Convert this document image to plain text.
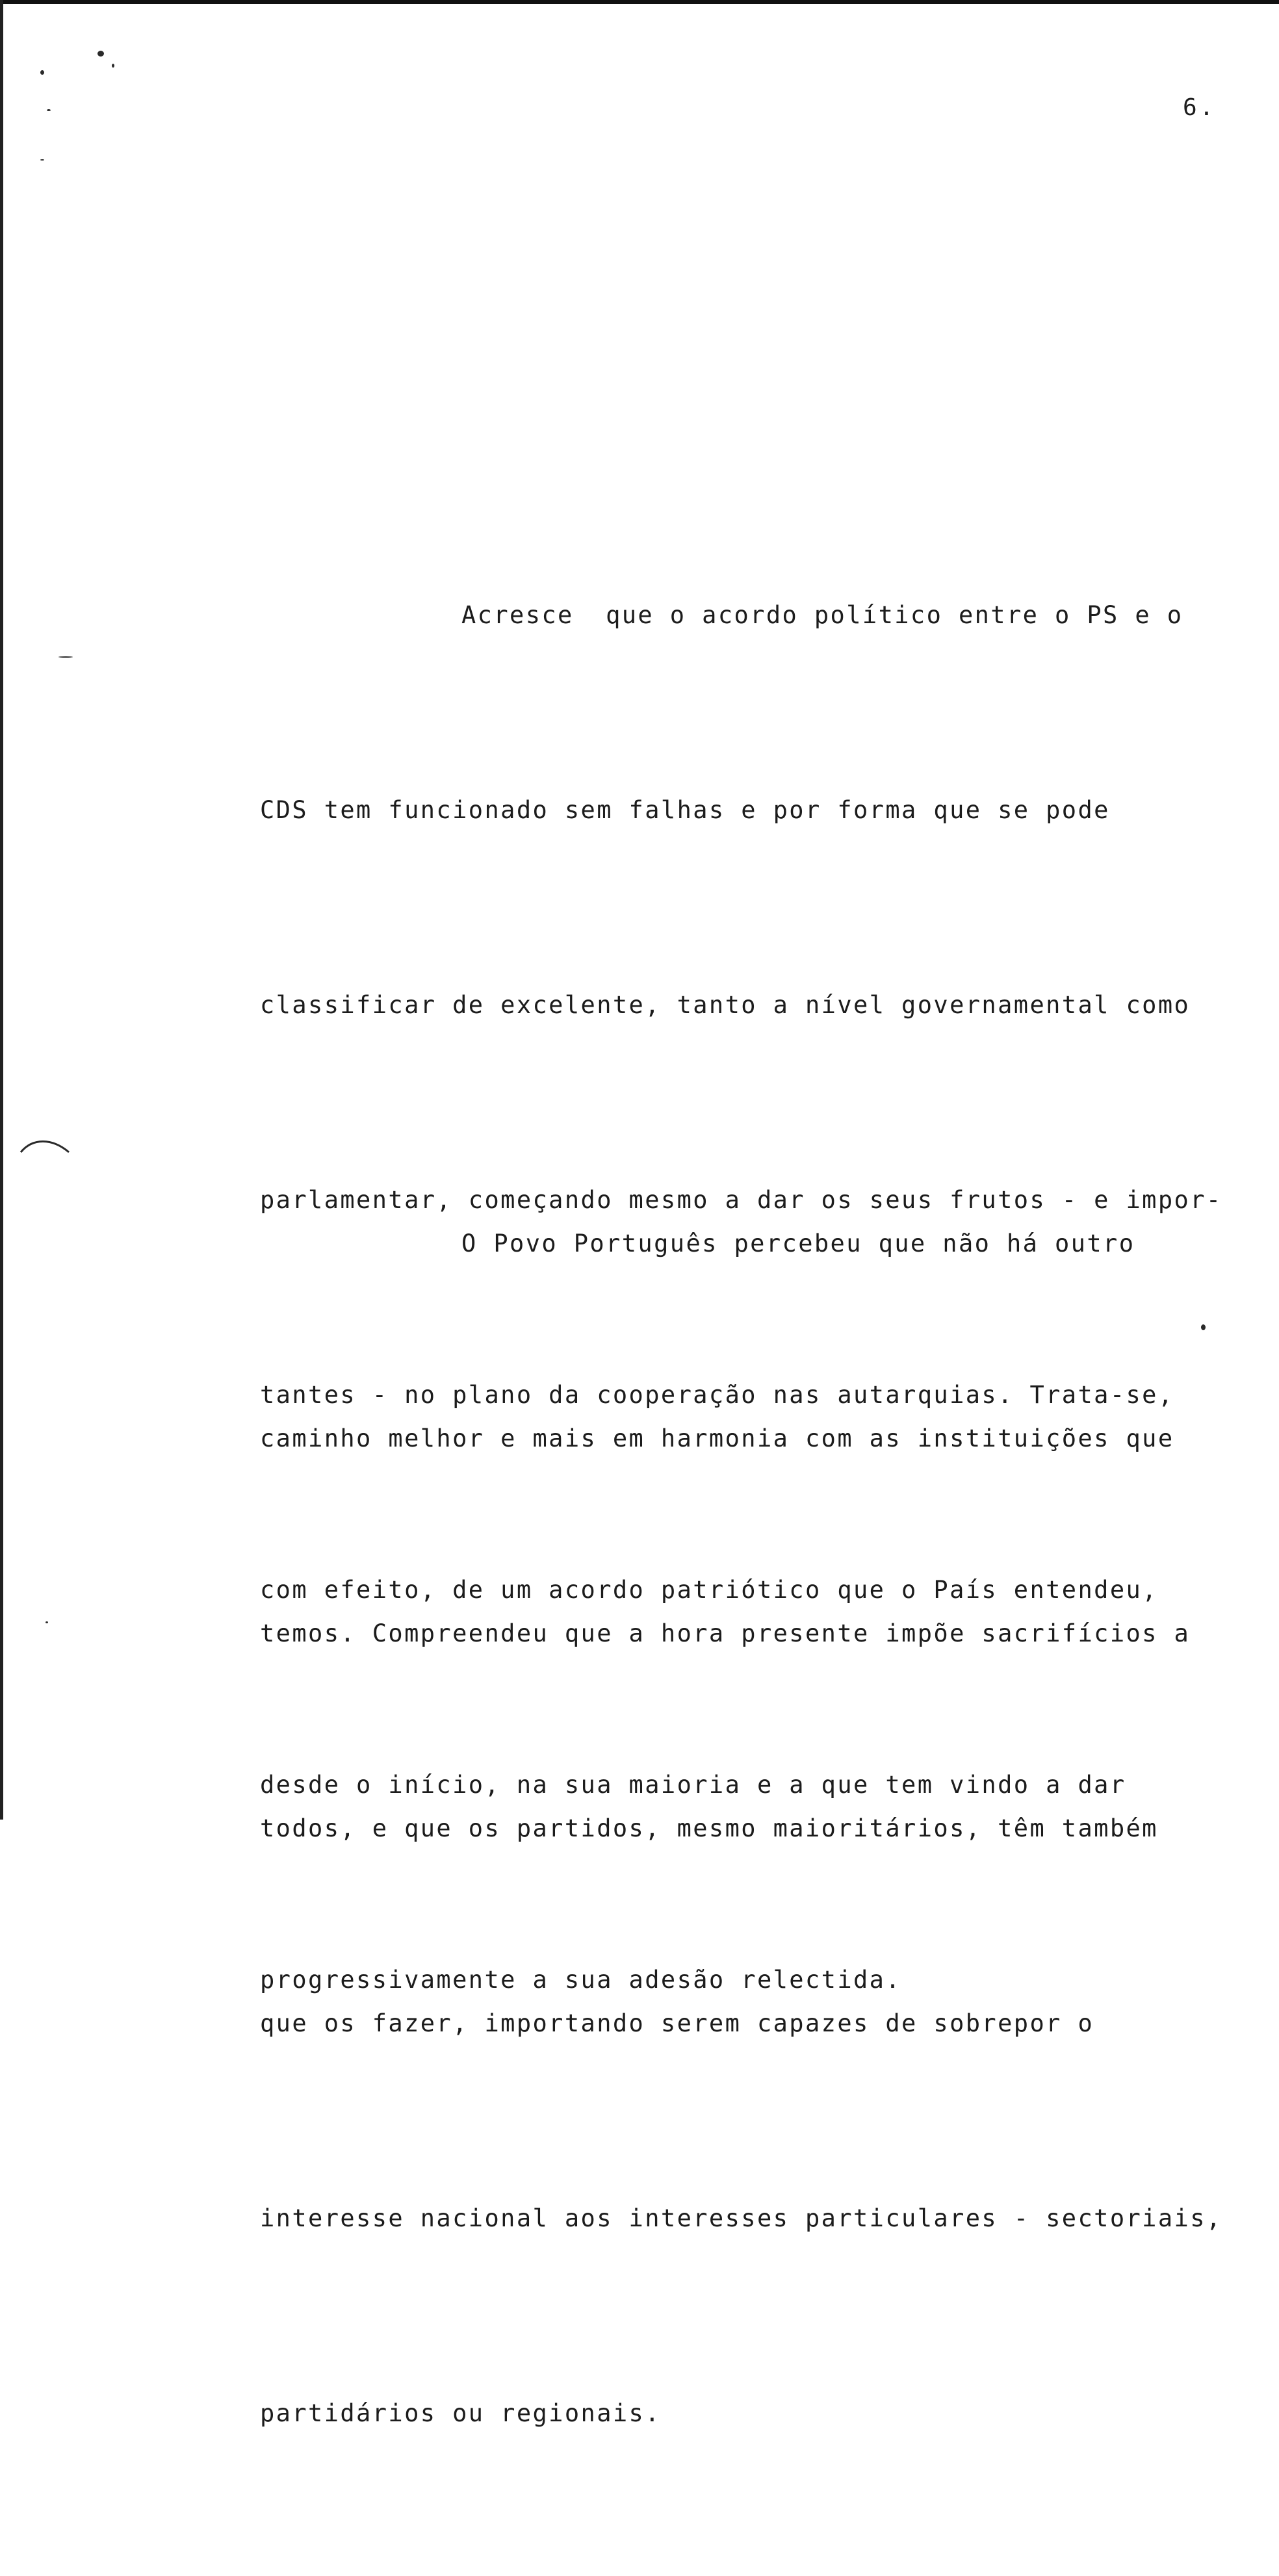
6.

Acresce  que o acordo político entre o PS e o

CDS tem funcionado sem falhas e por forma que se pode

classificar de excelente, tanto a nível governamental como

parlamentar, começando mesmo a dar os seus frutos - e impor-

tantes - no plano da cooperação nas autarquias. Trata-se,

com efeito, de um acordo patriótico que o País entendeu,

desde o início, na sua maioria e a que tem vindo a dar

progressivamente a sua adesão relectida.

O Povo Português percebeu que não há outro

caminho melhor e mais em harmonia com as instituições que

temos. Compreendeu que a hora presente impõe sacrifícios a

todos, e que os partidos, mesmo maioritários, têm também

que os fazer, importando serem capazes de sobrepor o

interesse nacional aos interesses particulares - sectoriais,

partidários ou regionais.
